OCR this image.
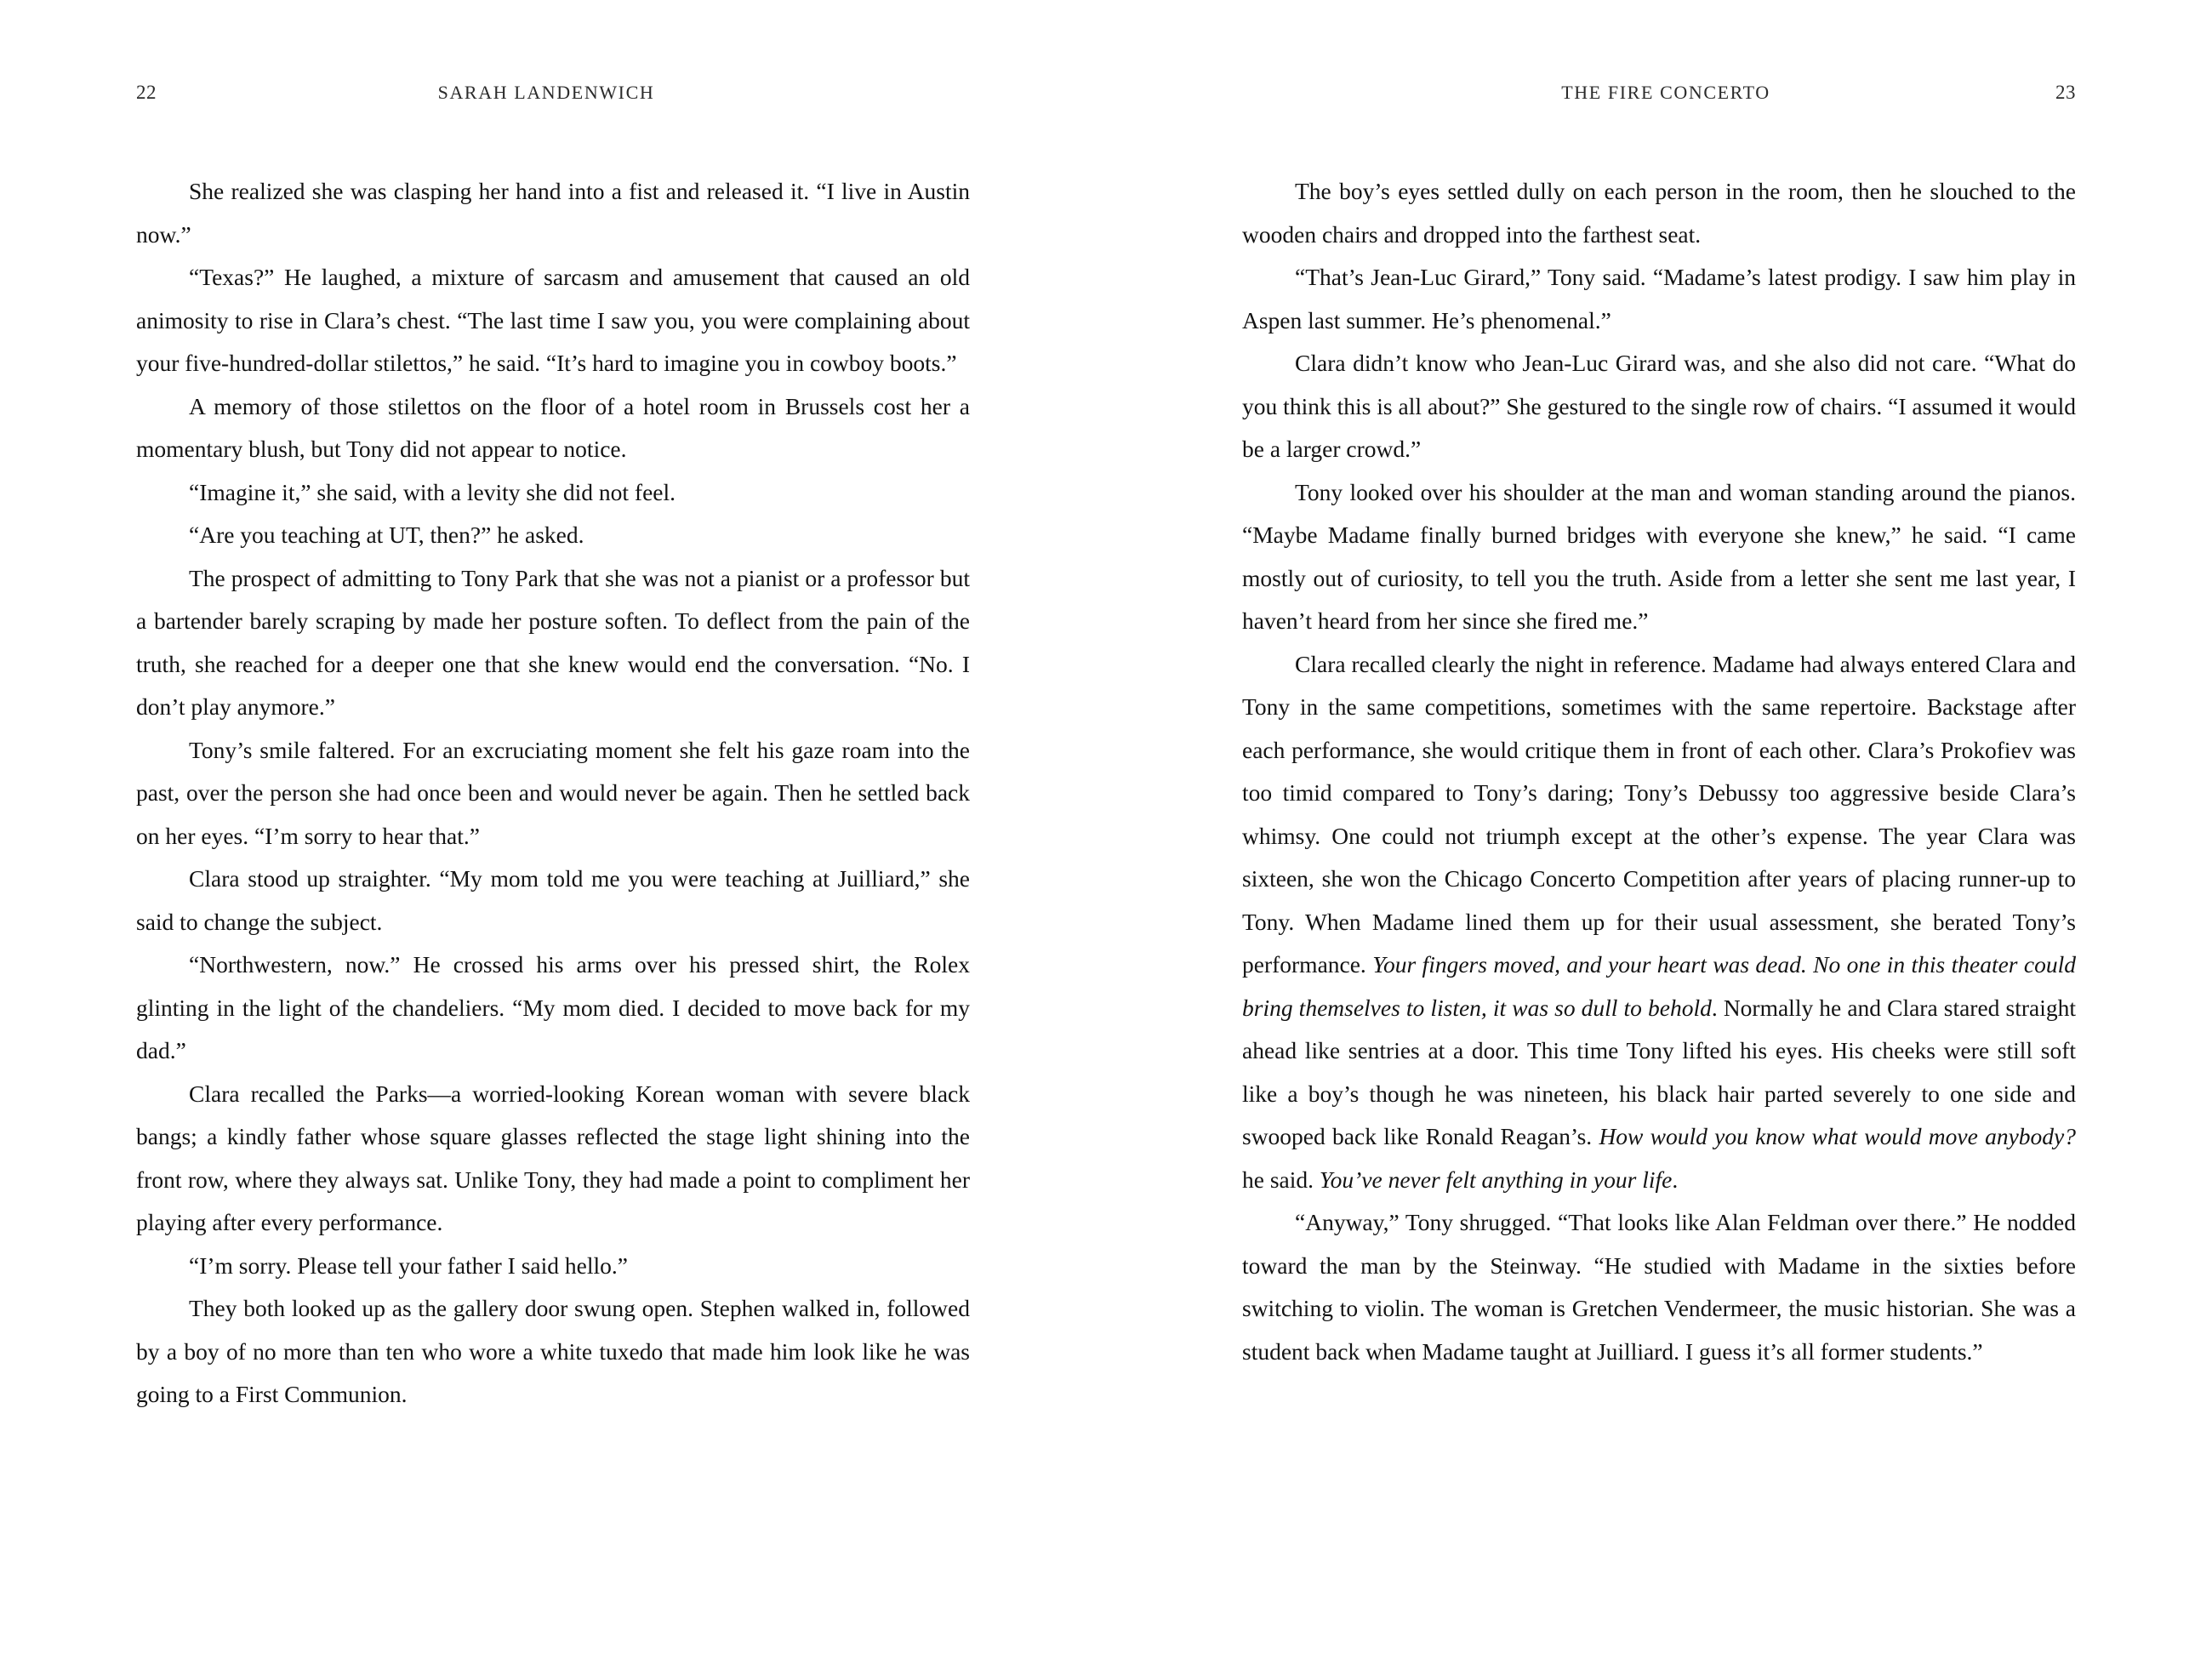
22	SARAH LANDENWICH

She realized she was clasping her hand into a fist and released it. “I live in Austin now.”

“Texas?” He laughed, a mixture of sarcasm and amusement that caused an old animosity to rise in Clara’s chest. “The last time I saw you, you were complaining about your five-hundred-dollar stilettos,” he said. “It’s hard to imagine you in cowboy boots.”

A memory of those stilettos on the floor of a hotel room in Brussels cost her a momentary blush, but Tony did not appear to notice.

“Imagine it,” she said, with a levity she did not feel.

“Are you teaching at UT, then?” he asked.

The prospect of admitting to Tony Park that she was not a pianist or a professor but a bartender barely scraping by made her posture soften. To deflect from the pain of the truth, she reached for a deeper one that she knew would end the conversation. “No. I don’t play anymore.”

Tony’s smile faltered. For an excruciating moment she felt his gaze roam into the past, over the person she had once been and would never be again. Then he settled back on her eyes. “I’m sorry to hear that.”

Clara stood up straighter. “My mom told me you were teaching at Juilliard,” she said to change the subject.

“Northwestern, now.” He crossed his arms over his pressed shirt, the Rolex glinting in the light of the chandeliers. “My mom died. I decided to move back for my dad.”

Clara recalled the Parks—a worried-looking Korean woman with severe black bangs; a kindly father whose square glasses reflected the stage light shining into the front row, where they always sat. Unlike Tony, they had made a point to compliment her playing after every performance.

“I’m sorry. Please tell your father I said hello.”

They both looked up as the gallery door swung open. Stephen walked in, followed by a boy of no more than ten who wore a white tuxedo that made him look like he was going to a First Communion.

THE FIRE CONCERTO	23

The boy’s eyes settled dully on each person in the room, then he slouched to the wooden chairs and dropped into the farthest seat.

“That’s Jean-Luc Girard,” Tony said. “Madame’s latest prodigy. I saw him play in Aspen last summer. He’s phenomenal.”

Clara didn’t know who Jean-Luc Girard was, and she also did not care. “What do you think this is all about?” She gestured to the single row of chairs. “I assumed it would be a larger crowd.”

Tony looked over his shoulder at the man and woman standing around the pianos. “Maybe Madame finally burned bridges with everyone she knew,” he said. “I came mostly out of curiosity, to tell you the truth. Aside from a letter she sent me last year, I haven’t heard from her since she fired me.”

Clara recalled clearly the night in reference. Madame had always entered Clara and Tony in the same competitions, sometimes with the same repertoire. Backstage after each performance, she would critique them in front of each other. Clara’s Prokofiev was too timid compared to Tony’s daring; Tony’s Debussy too aggressive beside Clara’s whimsy. One could not triumph except at the other’s expense. The year Clara was sixteen, she won the Chicago Concerto Competition after years of placing runner-up to Tony. When Madame lined them up for their usual assessment, she berated Tony’s performance. Your fingers moved, and your heart was dead. No one in this theater could bring themselves to listen, it was so dull to behold. Normally he and Clara stared straight ahead like sentries at a door. This time Tony lifted his eyes. His cheeks were still soft like a boy’s though he was nineteen, his black hair parted severely to one side and swooped back like Ronald Reagan’s. How would you know what would move anybody? he said. You’ve never felt anything in your life.

“Anyway,” Tony shrugged. “That looks like Alan Feldman over there.” He nodded toward the man by the Steinway. “He studied with Madame in the sixties before switching to violin. The woman is Gretchen Vendermeer, the music historian. She was a student back when Madame taught at Juilliard. I guess it’s all former students.”
